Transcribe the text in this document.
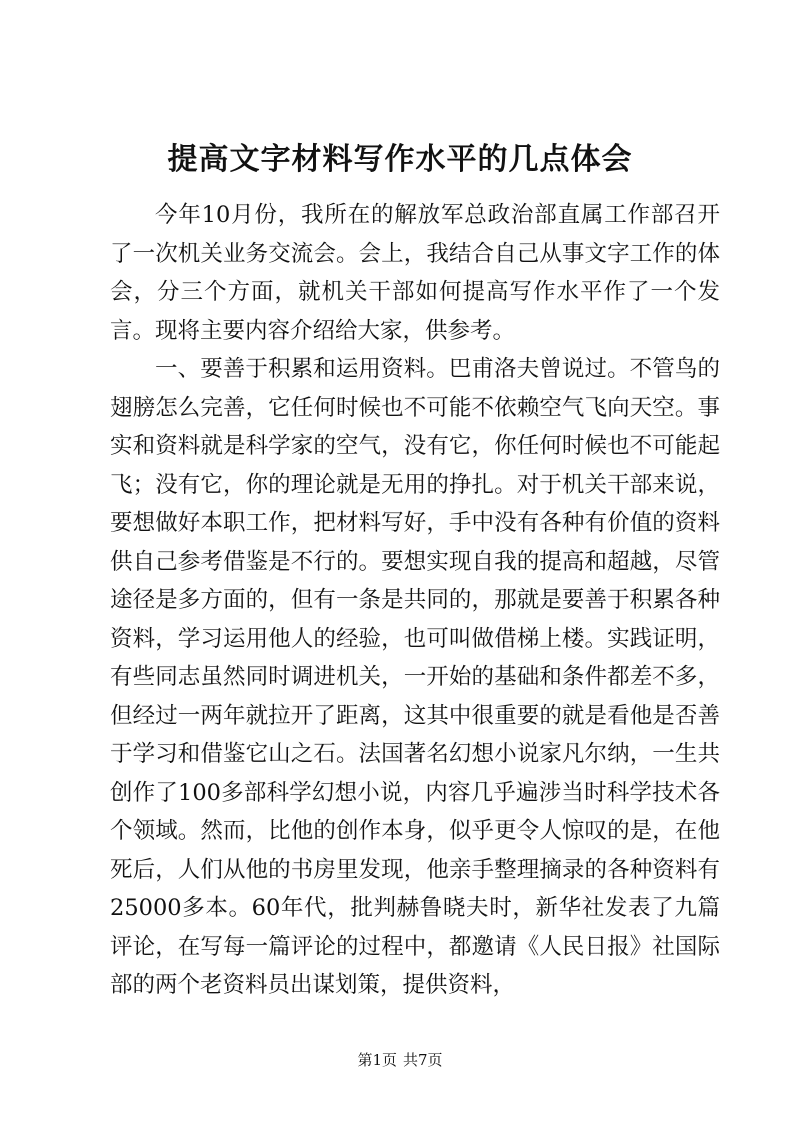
提高文字材料写作水平的几点体会

今年10月份，我所在的解放军总政治部直属工作部召开了一次机关业务交流会。会上，我结合自己从事文字工作的体会，分三个方面，就机关干部如何提高写作水平作了一个发言。现将主要内容介绍给大家，供参考。

一、要善于积累和运用资料。巴甫洛夫曾说过。不管鸟的翅膀怎么完善，它任何时候也不可能不依赖空气飞向天空。事实和资料就是科学家的空气，没有它，你任何时候也不可能起飞；没有它，你的理论就是无用的挣扎。对于机关干部来说，要想做好本职工作，把材料写好，手中没有各种有价值的资料供自己参考借鉴是不行的。要想实现自我的提高和超越，尽管途径是多方面的，但有一条是共同的，那就是要善于积累各种资料，学习运用他人的经验，也可叫做借梯上楼。实践证明，有些同志虽然同时调进机关，一开始的基础和条件都差不多，但经过一两年就拉开了距离，这其中很重要的就是看他是否善于学习和借鉴它山之石。法国著名幻想小说家凡尔纳，一生共创作了100多部科学幻想小说，内容几乎遍涉当时科学技术各个领域。然而，比他的创作本身，似乎更令人惊叹的是，在他死后，人们从他的书房里发现，他亲手整理摘录的各种资料有25000多本。60年代，批判赫鲁晓夫时，新华社发表了九篇评论，在写每一篇评论的过程中，都邀请《人民日报》社国际部的两个老资料员出谋划策，提供资料，

第1页 共7页
